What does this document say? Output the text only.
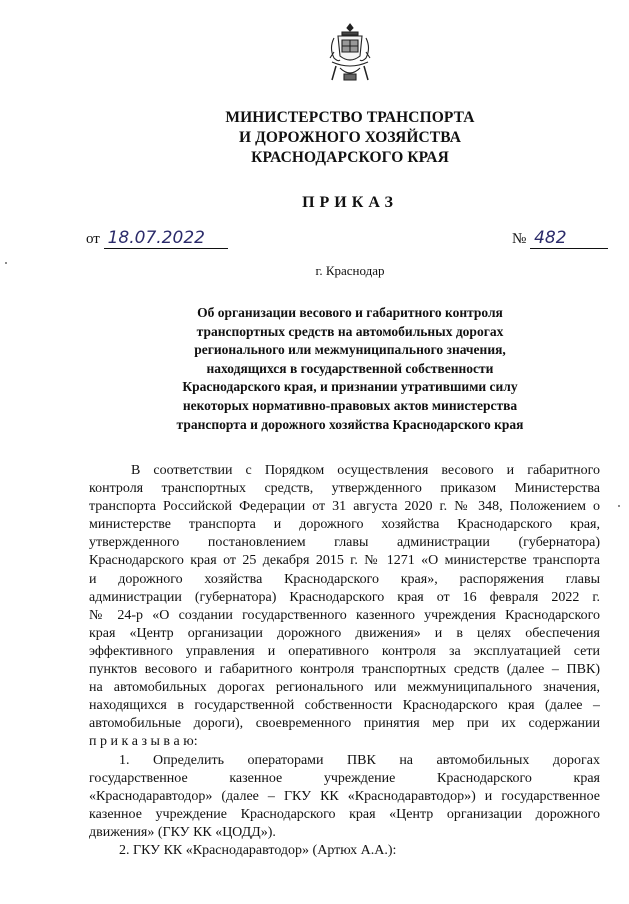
МИНИСТЕРСТВО ТРАНСПОРТА
И ДОРОЖНОГО ХОЗЯЙСТВА
КРАСНОДАРСКОГО КРАЯ
ПРИКАЗ
от 18.07.2022	№ 482
г. Краснодар
Об организации весового и габаритного контроля
транспортных средств на автомобильных дорогах
регионального или межмуниципального значения,
находящихся в государственной собственности
Краснодарского края, и признании утратившими силу
некоторых нормативно-правовых актов министерства
транспорта и дорожного хозяйства Краснодарского края
В соответствии с Порядком осуществления весового и габаритного
контроля транспортных средств, утвержденного приказом Министерства
транспорта Российской Федерации от 31 августа 2020 г. № 348, Положением о
министерстве транспорта и дорожного хозяйства Краснодарского края,
утвержденного постановлением главы администрации (губернатора)
Краснодарского края от 25 декабря 2015 г. № 1271 «О министерстве транспорта
и дорожного хозяйства Краснодарского края», распоряжения главы
администрации (губернатора) Краснодарского края от 16 февраля 2022 г.
№ 24-р «О создании государственного казенного учреждения Краснодарского
края «Центр организации дорожного движения» и в целях обеспечения
эффективного управления и оперативного контроля за эксплуатацией сети
пунктов весового и габаритного контроля транспортных средств (далее – ПВК)
на автомобильных дорогах регионального или межмуниципального значения,
находящихся в государственной собственности Краснодарского края (далее –
автомобильные дороги), своевременного принятия мер при их содержании
п р и к а з ы в а ю:
1. Определить операторами ПВК на автомобильных дорогах
государственное казенное учреждение Краснодарского края
«Краснодаравтодор» (далее – ГКУ КК «Краснодаравтодор») и государственное
казенное учреждение Краснодарского края «Центр организации дорожного
движения» (ГКУ КК «ЦОДД»).
2. ГКУ КК «Краснодаравтодор» (Артюх А.А.):
